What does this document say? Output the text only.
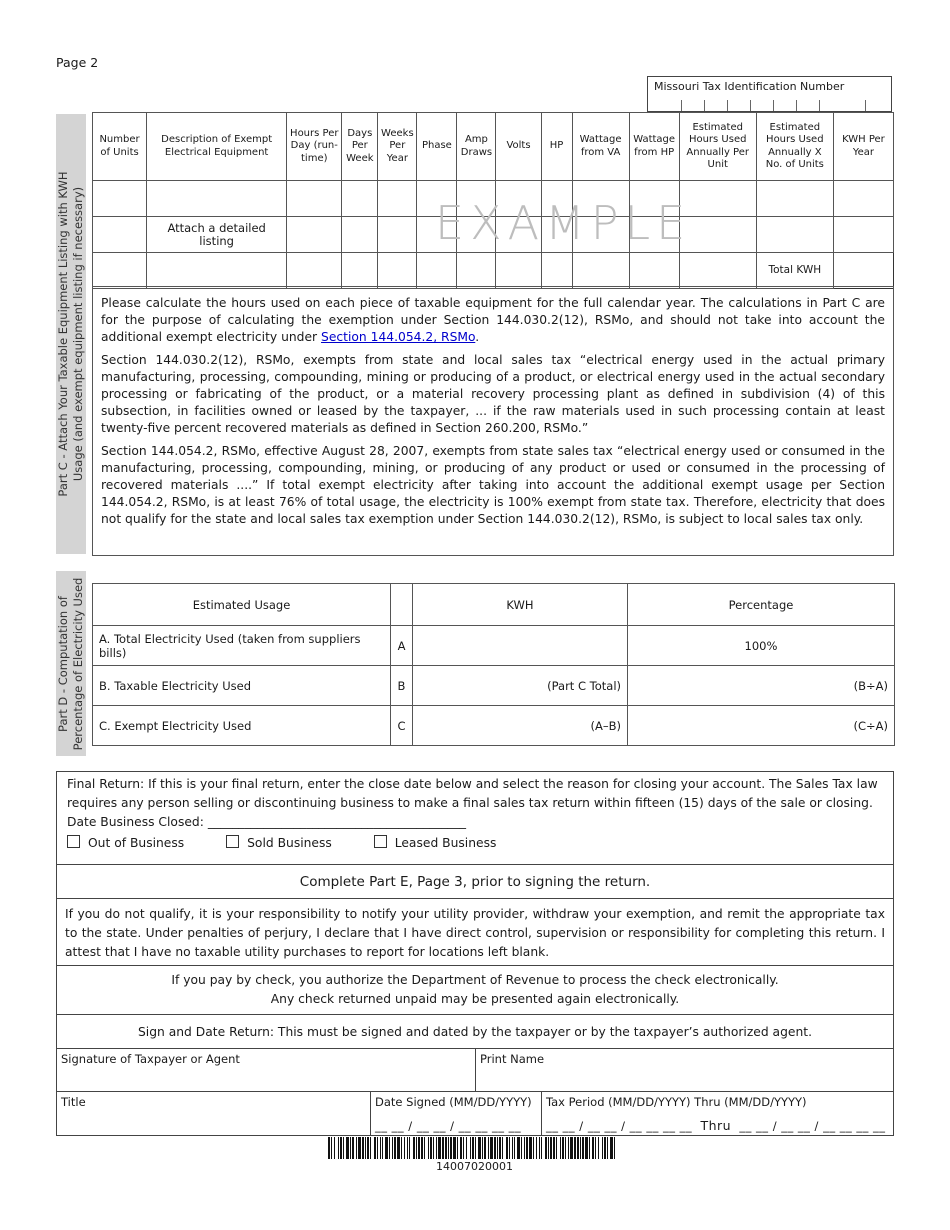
Page 2
Missouri Tax Identification Number
Part C - Attach Your Taxable Equipment Listing with KWH Usage (and exempt equipment listing if necessary)
Number of Units	Description of Exempt Electrical Equipment	Hours Per Day (run-time)	Days Per Week	Weeks Per Year	Phase	Amp Draws	Volts	HP	Wattage from VA	Wattage from HP	Estimated Hours Used Annually Per Unit	Estimated Hours Used Annually X No. of Units	KWH Per Year

	Attach a detailed listing												
												Total KWH	
EXAMPLE

Please calculate the hours used on each piece of taxable equipment for the full calendar year. The calculations in Part C are for the purpose of calculating the exemption under Section 144.030.2(12), RSMo, and should not take into account the additional exempt electricity under Section 144.054.2, RSMo.

Section 144.030.2(12), RSMo, exempts from state and local sales tax “electrical energy used in the actual primary manufacturing, processing, compounding, mining or producing of a product, or electrical energy used in the actual secondary processing or fabricating of the product, or a material recovery processing plant as defined in subdivision (4) of this subsection, in facilities owned or leased by the taxpayer, ... if the raw materials used in such processing contain at least twenty-five percent recovered materials as defined in Section 260.200, RSMo.”

Section 144.054.2, RSMo, effective August 28, 2007, exempts from state sales tax “electrical energy used or consumed in the manufacturing, processing, compounding, mining, or producing of any product or used or consumed in the processing of recovered materials ....” If total exempt electricity after taking into account the additional exempt usage per Section 144.054.2, RSMo, is at least 76% of total usage, the electricity is 100% exempt from state tax. Therefore, electricity that does not qualify for the state and local sales tax exemption under Section 144.030.2(12), RSMo, is subject to local sales tax only.

Part D - Computation of Percentage of Electricity Used	Estimated Usage		KWH	Percentage
A. Total Electricity Used (taken from suppliers bills)	A		100%
B. Taxable Electricity Used	B	(Part C Total)	(B÷A)
C. Exempt Electricity Used	C	(A–B)	(C÷A)
Final Return: If this is your final return, enter the close date below and select the reason for closing your account. The Sales Tax law requires any person selling or discontinuing business to make a final sales tax return within fifteen (15) days of the sale or closing.
Date Business Closed: __________________________________________
Out of Business	Sold Business	Leased Business
Complete Part E, Page 3, prior to signing the return.
If you do not qualify, it is your responsibility to notify your utility provider, withdraw your exemption, and remit the appropriate tax to the state. Under penalties of perjury, I declare that I have direct control, supervision or responsibility for completing this return. I attest that I have no taxable utility purchases to report for locations left blank.
If you pay by check, you authorize the Department of Revenue to process the check electronically.
Any check returned unpaid may be presented again electronically.
Sign and Date Return: This must be signed and dated by the taxpayer or by the taxpayer’s authorized agent.
Signature of Taxpayer or Agent	Print Name
Title	Date Signed (MM/DD/YYYY)
__ __ / __ __ / __ __ __ __
Tax Period (MM/DD/YYYY) Thru (MM/DD/YYYY)
__ __ / __ __ / __ __ __ __ Thru __ __ / __ __ / __ __ __ __
14007020001
